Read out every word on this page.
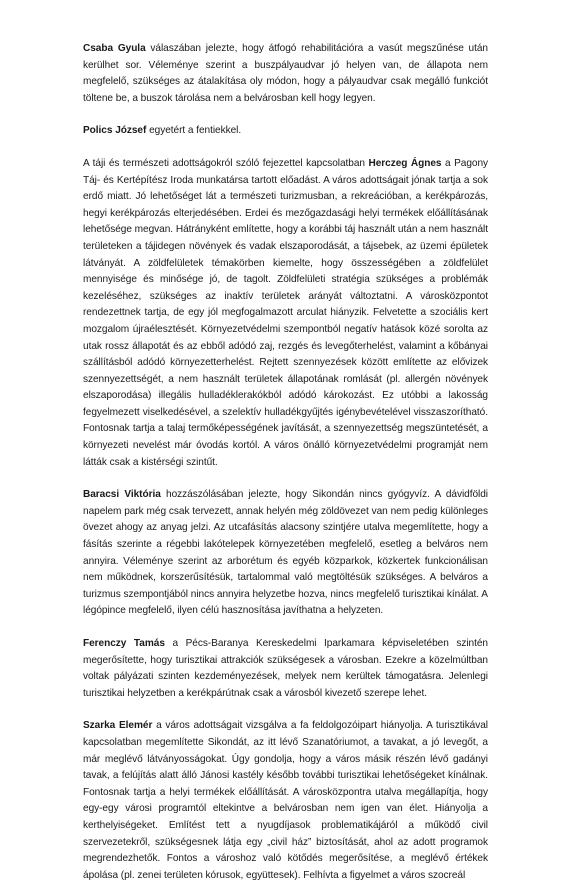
Csaba Gyula válaszában jelezte, hogy átfogó rehabilitációra a vasút megszűnése után kerülhet sor. Véleménye szerint a buszpályaudvar jó helyen van, de állapota nem megfelelő, szükséges az átalakítása oly módon, hogy a pályaudvar csak megálló funkciót töltene be, a buszok tárolása nem a belvárosban kell hogy legyen.

Polics József egyetért a fentiekkel.

A táji és természeti adottságokról szóló fejezettel kapcsolatban Herczeg Ágnes a Pagony Táj- és Kertépítész Iroda munkatársa tartott előadást. A város adottságait jónak tartja a sok erdő miatt. Jó lehetőséget lát a természeti turizmusban, a rekreációban, a kerékpározás, hegyi kerékpározás elterjedésében. Erdei és mezőgazdasági helyi termékek előállításának lehetősége megvan. Hátrányként említette, hogy a korábbi táj használt után a nem használt területeken a tájidegen növények és vadak elszaporodását, a tájsebek, az üzemi épületek látványát. A zöldfelületek témakörben kiemelte, hogy összességében a zöldfelület mennyisége és minősége jó, de tagolt. Zöldfelületi stratégia szükséges a problémák kezeléséhez, szükséges az inaktív területek arányát változtatni. A városközpontot rendezettnek tartja, de egy jól megfogalmazott arculat hiányzik. Felvetette a szociális kert mozgalom újraélesztését. Környezetvédelmi szempontból negatív hatások közé sorolta az utak rossz állapotát és az ebből adódó zaj, rezgés és levegőterhelést, valamint a kőbányai szállításból adódó környezetterhelést. Rejtett szennyezések között említette az elővizek szennyezettségét, a nem használt területek állapotának romlását (pl. allergén növények elszaporodása) illegális hulladéklerakókból adódó károkozást. Ez utóbbi a lakosság fegyelmezett viselkedésével, a szelektív hulladékgyűjtés igénybevételével visszaszorítható. Fontosnak tartja a talaj termőképességének javítását, a szennyezettség megszüntetését, a környezeti nevelést már óvodás kortól. A város önálló környezetvédelmi programját nem látták csak a kistérségi szintűt.

Baracsi Viktória hozzászólásában jelezte, hogy Sikondán nincs gyógyvíz. A dávidföldi napelem park még csak tervezett, annak helyén még zöldövezet van nem pedig különleges övezet ahogy az anyag jelzi. Az utcafásítás alacsony szintjére utalva megemlítette, hogy a fásítás szerinte a régebbi lakótelepek környezetében megfelelő, esetleg a belváros nem annyira. Véleménye szerint az arborétum és egyéb közparkok, közkertek funkcionálisan nem működnek, korszerűsítésük, tartalommal való megtöltésük szükséges. A belváros a turizmus szempontjából nincs annyira helyzetbe hozva, nincs megfelelő turisztikai kínálat. A légópince megfelelő, ilyen célú hasznosítása javíthatna a helyzeten.

Ferenczy Tamás a Pécs-Baranya Kereskedelmi Iparkamara képviseletében szintén megerősítette, hogy turisztikai attrakciók szükségesek a városban. Ezekre a közelmúltban voltak pályázati szinten kezdeményezések, melyek nem kerültek támogatásra. Jelenlegi turisztikai helyzetben a kerékpárútnak csak a városból kivezető szerepe lehet.

Szarka Elemér a város adottságait vizsgálva a fa feldolgozóipart hiányolja. A turisztikával kapcsolatban megemlítette Sikondát, az itt lévő Szanatóriumot, a tavakat, a jó levegőt, a már meglévő látványosságokat. Úgy gondolja, hogy a város másik részén lévő gadányi tavak, a felújítás alatt álló Jánosi kastély később további turisztikai lehetőségeket kínálnak. Fontosnak tartja a helyi termékek előállítását. A városközpontra utalva megállapítja, hogy egy-egy városi programtól eltekintve a belvárosban nem igen van élet. Hiányolja a kerthelyiségeket. Említést tett a nyugdíjasok problematikájáról a működő civil szervezetekről, szükségesnek látja egy „civil ház” biztosítását, ahol az adott programok megrendezhetők. Fontos a városhoz való kötődés megerősítése, a meglévő értékek ápolása (pl. zenei területen kórusok, együttesek). Felhívta a figyelmet a város szocreál
